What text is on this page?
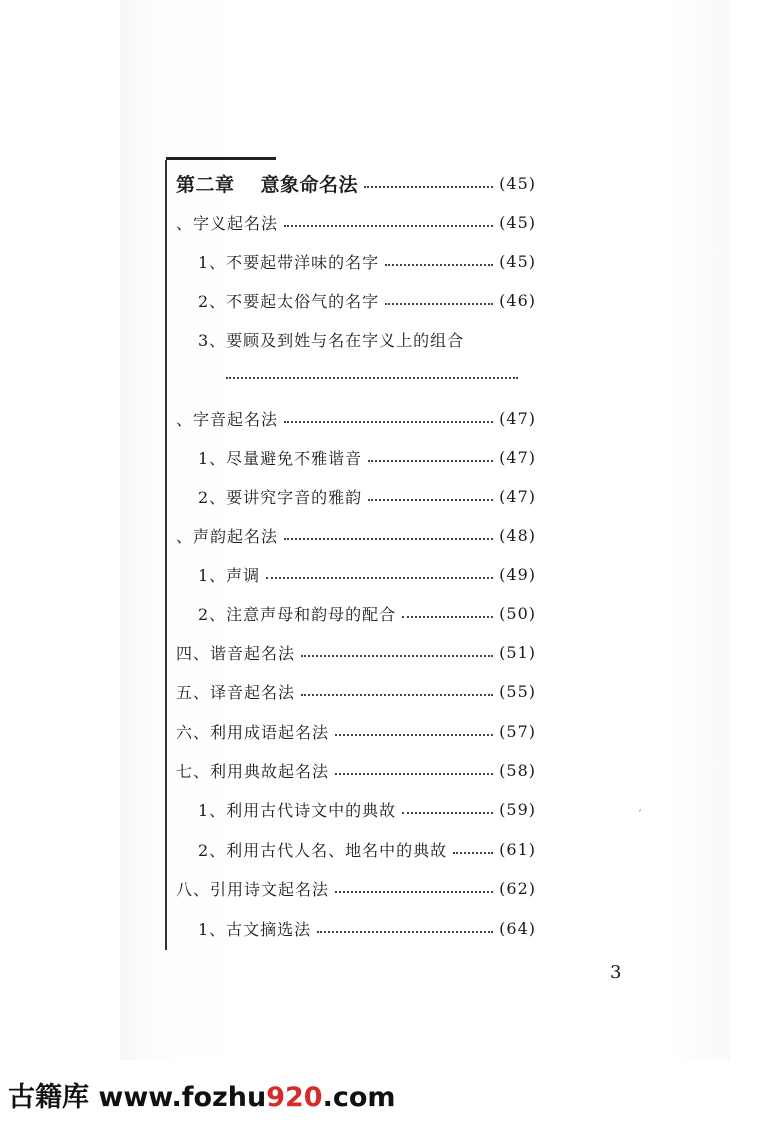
第二章 意象命名法	(45)
、字义起名法	(45)
1、不要起带洋味的名字	(45)
2、不要起太俗气的名字	(46)
3、要顾及到姓与名在字义上的组合
、字音起名法	(47)
1、尽量避免不雅谐音	(47)
2、要讲究字音的雅韵	(47)
、声韵起名法	(48)
1、声调	(49)
2、注意声母和韵母的配合	(50)
四、谐音起名法	(51)
五、译音起名法	(55)
六、利用成语起名法	(57)
七、利用典故起名法	(58)
1、利用古代诗文中的典故	(59)
2、利用古代人名、地名中的典故	(61)
八、引用诗文起名法	(62)
1、古文摘选法	(64)
ˊ
3
古籍库 www.fozhu920.com
